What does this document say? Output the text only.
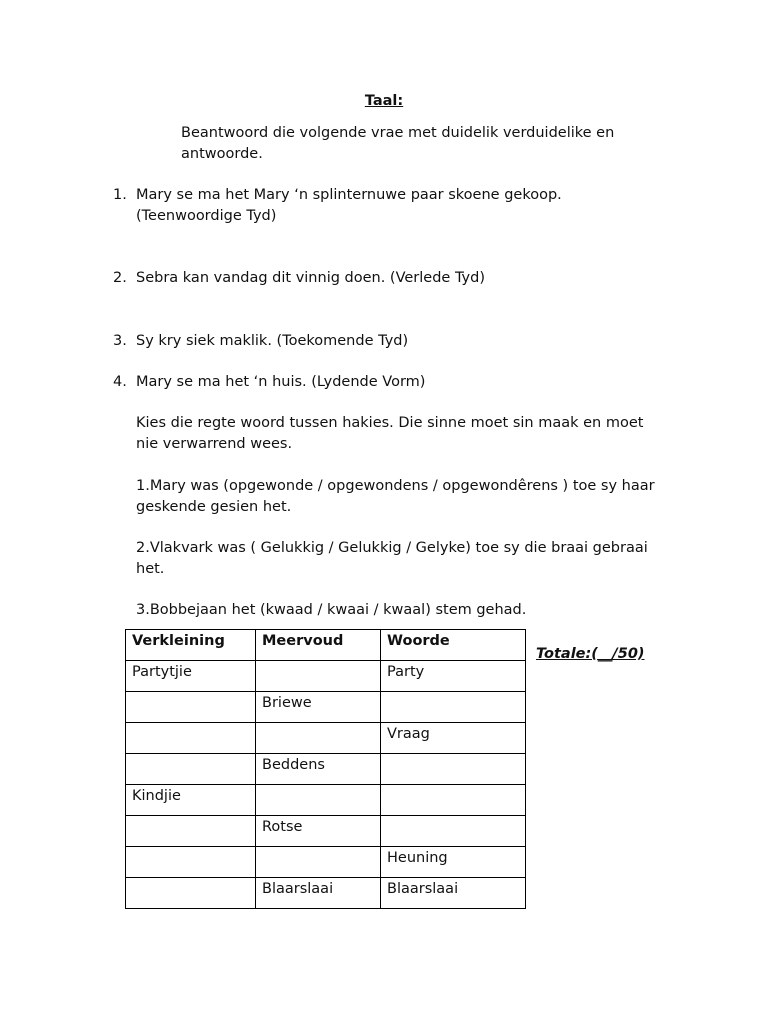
Taal:
Beantwoord die volgende vrae met duidelik verduidelike en
antwoorde.
1. Mary se ma het Mary ‘n splinternuwe paar skoene gekoop.
(Teenwoordige Tyd)
2. Sebra kan vandag dit vinnig doen. (Verlede Tyd)
3. Sy kry siek maklik. (Toekomende Tyd)
4. Mary se ma het ‘n huis. (Lydende Vorm)
Kies die regte woord tussen hakies. Die sinne moet sin maak en moet
nie verwarrend wees.
1.Mary was (opgewonde / opgewondens / opgewondêrens ) toe sy haar
geskende gesien het.
2.Vlakvark was ( Gelukkig / Gelukkig / Gelyke) toe sy die braai gebraai
het.
3.Bobbejaan het (kwaad / kwaai / kwaal) stem gehad.
Verkleining	Meervoud	Woorde
Partytjie		Party
	Briewe	
		Vraag
	Beddens	
Kindjie		
	Rotse	
		Heuning
	Blaarslaai	Blaarslaai
Totale:(__/50)
